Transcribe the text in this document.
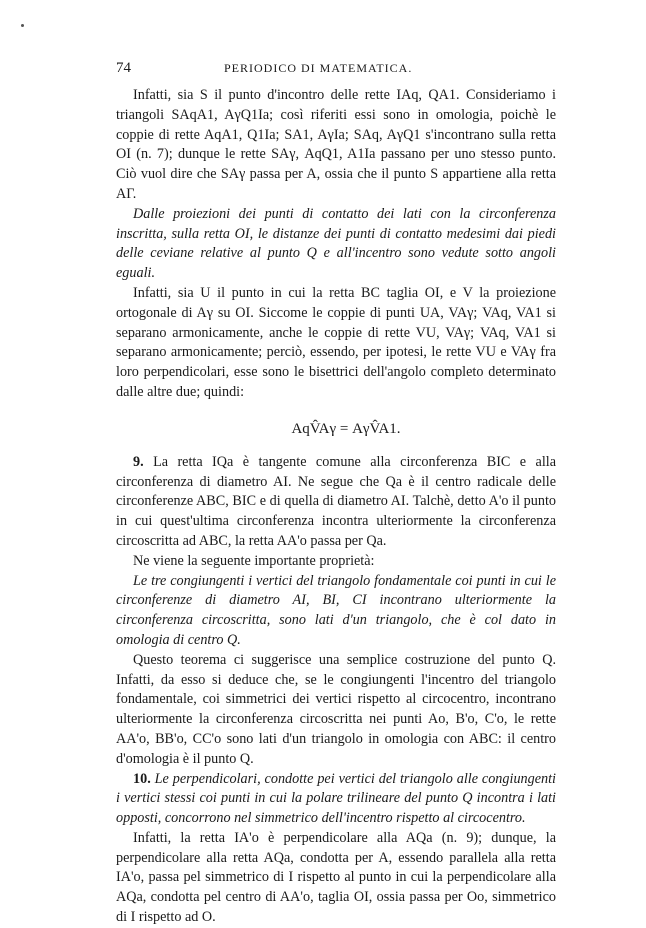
74	PERIODICO DI MATEMATICA.

Infatti, sia S il punto d'incontro delle rette IAq, QA1. Consideriamo i triangoli SAqA1, AγQ1Ia; così riferiti essi sono in omologia, poichè le coppie di rette AqA1, Q1Ia; SA1, AγIa; SAq, AγQ1 s'incontrano sulla retta OI (n. 7); dunque le rette SAγ, AqQ1, A1Ia passano per uno stesso punto. Ciò vuol dire che SAγ passa per A, ossia che il punto S appartiene alla retta AΓ.

Dalle proiezioni dei punti di contatto dei lati con la circonferenza inscritta, sulla retta OI, le distanze dei punti di contatto medesimi dai piedi delle ceviane relative al punto Q e all'incentro sono vedute sotto angoli eguali.

Infatti, sia U il punto in cui la retta BC taglia OI, e V la proiezione ortogonale di Aγ su OI. Siccome le coppie di punti UA, VAγ; VAq, VA1 si separano armonicamente, anche le coppie di rette VU, VAγ; VAq, VA1 si separano armonicamente; perciò, essendo, per ipotesi, le rette VU e VAγ fra loro perpendicolari, esse sono le bisettrici dell'angolo completo determinato dalle altre due; quindi:

AqV̂Aγ = AγV̂A1.

9. La retta IQa è tangente comune alla circonferenza BIC e alla circonferenza di diametro AI. Ne segue che Qa è il centro radicale delle circonferenze ABC, BIC e di quella di diametro AI. Talchè, detto A'o il punto in cui quest'ultima circonferenza incontra ulteriormente la circonferenza circoscritta ad ABC, la retta AA'o passa per Qa.

Ne viene la seguente importante proprietà:

Le tre congiungenti i vertici del triangolo fondamentale coi punti in cui le circonferenze di diametro AI, BI, CI incontrano ulteriormente la circonferenza circoscritta, sono lati d'un triangolo, che è col dato in omologia di centro Q.

Questo teorema ci suggerisce una semplice costruzione del punto Q. Infatti, da esso si deduce che, se le congiungenti l'incentro del triangolo fondamentale, coi simmetrici dei vertici rispetto al circocentro, incontrano ulteriormente la circonferenza circoscritta nei punti Ao, B'o, C'o, le rette AA'o, BB'o, CC'o sono lati d'un triangolo in omologia con ABC: il centro d'omologia è il punto Q.

10. Le perpendicolari, condotte pei vertici del triangolo alle congiungenti i vertici stessi coi punti in cui la polare trilineare del punto Q incontra i lati opposti, concorrono nel simmetrico dell'incentro rispetto al circocentro.

Infatti, la retta IA'o è perpendicolare alla AQa (n. 9); dunque, la perpendicolare alla retta AQa, condotta per A, essendo parallela alla retta IA'o, passa pel simmetrico di I rispetto al punto in cui la perpendicolare alla AQa, condotta pel centro di AA'o, taglia OI, ossia passa per Oo, simmetrico di I rispetto ad O.
